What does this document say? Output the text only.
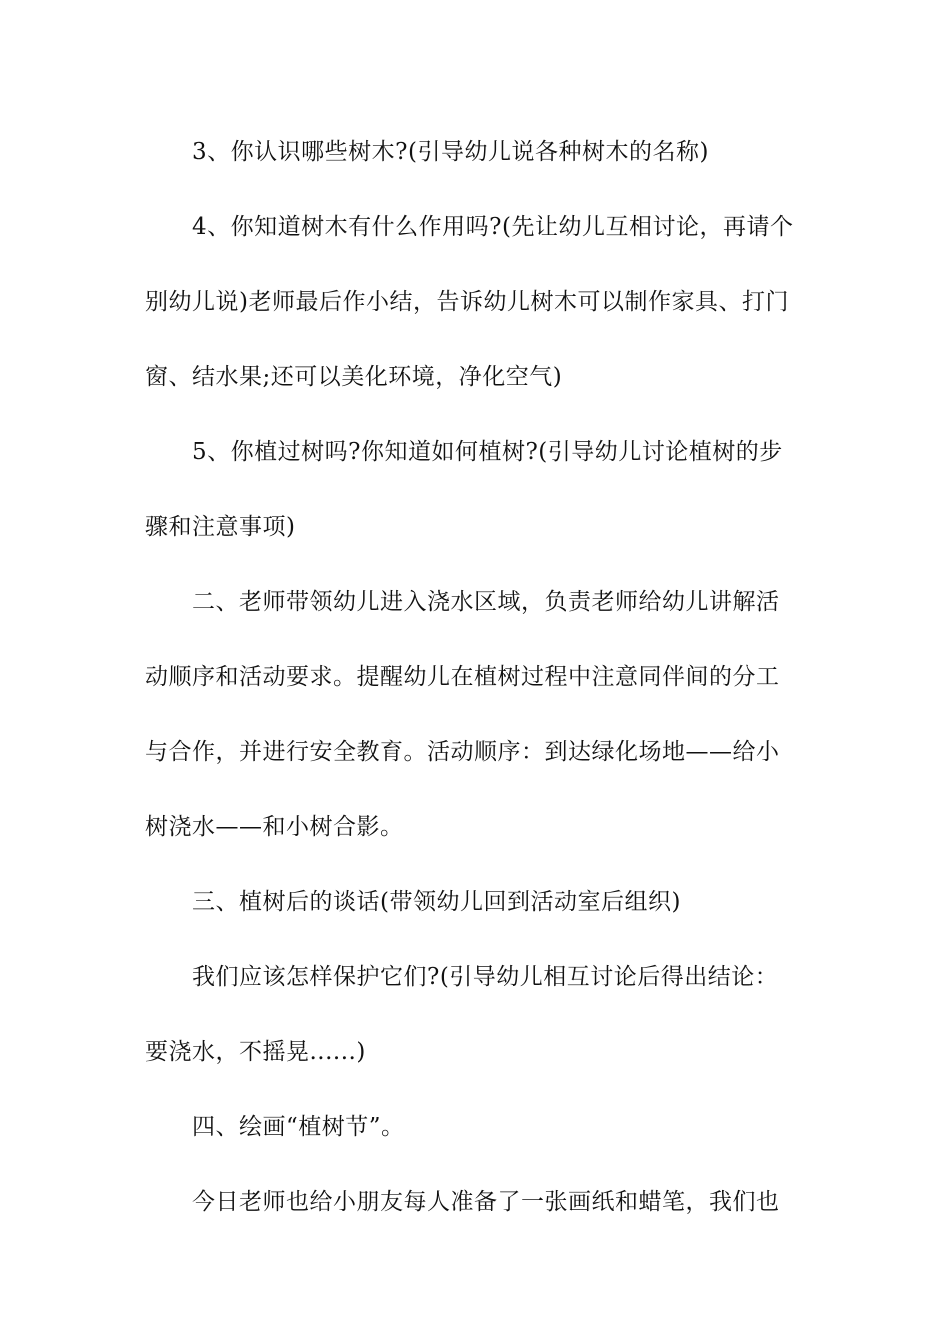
3、你认识哪些树木?(引导幼儿说各种树木的名称)
4、你知道树木有什么作用吗?(先让幼儿互相讨论，再请个
别幼儿说)老师最后作小结，告诉幼儿树木可以制作家具、打门
窗、结水果;还可以美化环境，净化空气)
5、你植过树吗?你知道如何植树?(引导幼儿讨论植树的步
骤和注意事项)
二、老师带领幼儿进入浇水区域，负责老师给幼儿讲解活
动顺序和活动要求。提醒幼儿在植树过程中注意同伴间的分工
与合作，并进行安全教育。活动顺序：到达绿化场地——给小
树浇水——和小树合影。
三、植树后的谈话(带领幼儿回到活动室后组织)
我们应该怎样保护它们?(引导幼儿相互讨论后得出结论：
要浇水，不摇晃......)
四、绘画“植树节”。
今日老师也给小朋友每人准备了一张画纸和蜡笔，我们也
